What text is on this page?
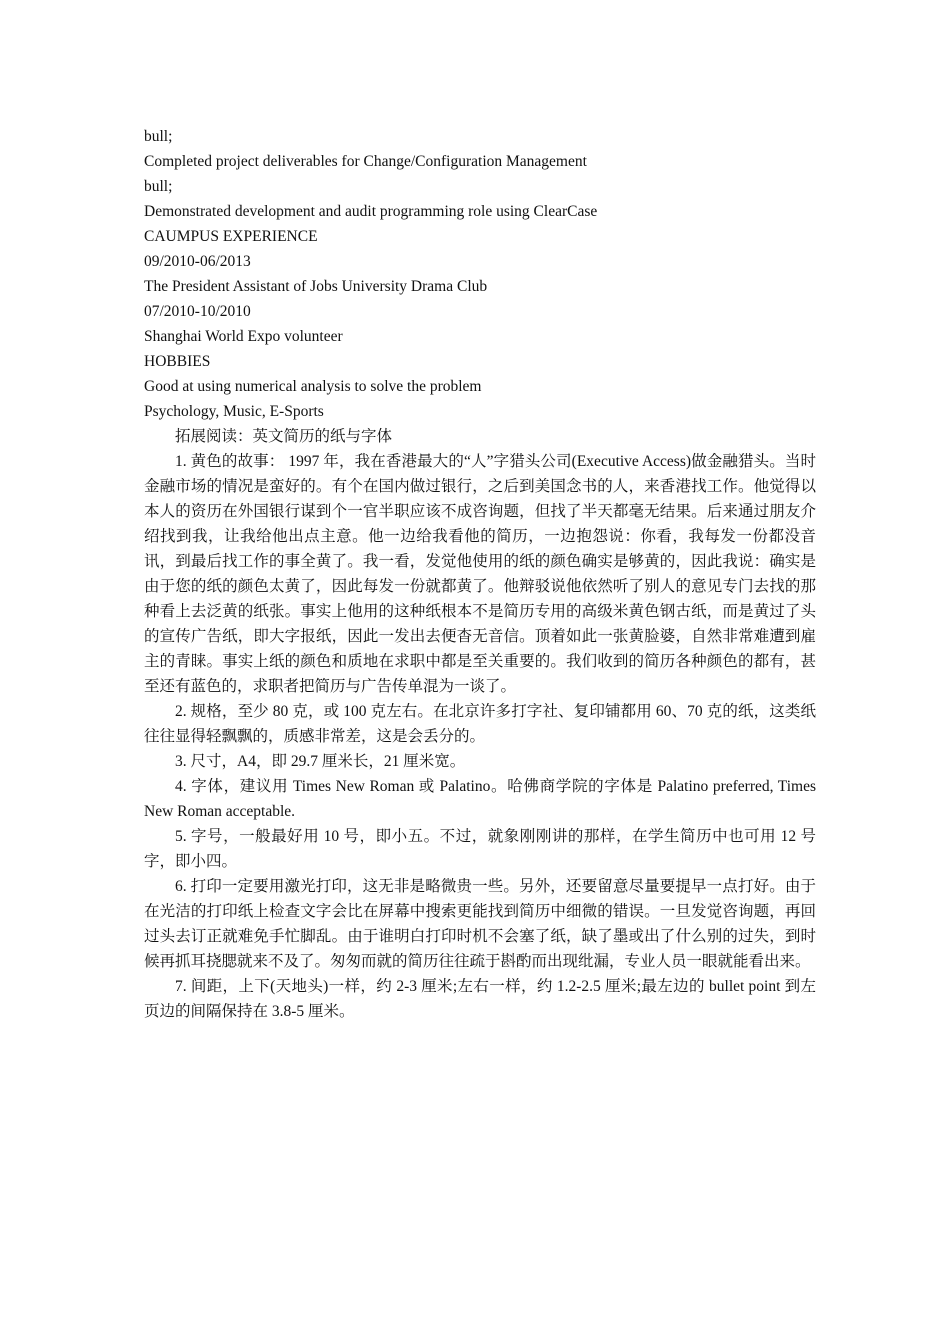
bull;
Completed project deliverables for Change/Configuration Management
bull;
Demonstrated development and audit programming role using ClearCase
CAUMPUS EXPERIENCE
09/2010-06/2013
The President Assistant of Jobs University Drama Club
07/2010-10/2010
Shanghai World Expo volunteer
HOBBIES
Good at using numerical analysis to solve the problem
Psychology, Music, E-Sports

拓展阅读：英文简历的纸与字体

1. 黄色的故事： 1997 年，我在香港最大的“人”字猎头公司(Executive Access)做金融猎头。当时金融市场的情况是蛮好的。有个在国内做过银行，之后到美国念书的人，来香港找工作。他觉得以本人的资历在外国银行谋到个一官半职应该不成咨询题，但找了半天都毫无结果。后来通过朋友介绍找到我，让我给他出点主意。他一边给我看他的简历，一边抱怨说：你看，我每发一份都没音讯，到最后找工作的事全黄了。我一看，发觉他使用的纸的颜色确实是够黄的，因此我说：确实是由于您的纸的颜色太黄了，因此每发一份就都黄了。他辩驳说他依然听了别人的意见专门去找的那种看上去泛黄的纸张。事实上他用的这种纸根本不是简历专用的高级米黄色钢古纸，而是黄过了头的宣传广告纸，即大字报纸，因此一发出去便杳无音信。顶着如此一张黄脸婆，自然非常难遭到雇主的青睐。事实上纸的颜色和质地在求职中都是至关重要的。我们收到的简历各种颜色的都有，甚至还有蓝色的，求职者把简历与广告传单混为一谈了。

2. 规格，至少 80 克，或 100 克左右。在北京许多打字社、复印铺都用 60、70 克的纸，这类纸往往显得轻飘飘的，质感非常差，这是会丢分的。

3. 尺寸，A4，即 29.7 厘米长，21 厘米宽。

4. 字体，建议用 Times New Roman 或 Palatino。哈佛商学院的字体是 Palatino preferred, Times New Roman acceptable.

5. 字号，一般最好用 10 号，即小五。不过，就象刚刚讲的那样，在学生简历中也可用 12 号字，即小四。

6. 打印一定要用激光打印，这无非是略微贵一些。另外，还要留意尽量要提早一点打好。由于在光洁的打印纸上检查文字会比在屏幕中搜索更能找到简历中细微的错误。一旦发觉咨询题，再回过头去订正就难免手忙脚乱。由于谁明白打印时机不会塞了纸，缺了墨或出了什么别的过失，到时候再抓耳挠腮就来不及了。匆匆而就的简历往往疏于斟酌而出现纰漏，专业人员一眼就能看出来。

7. 间距，上下(天地头)一样，约 2-3 厘米;左右一样，约 1.2-2.5 厘米;最左边的 bullet point 到左页边的间隔保持在 3.8-5 厘米。
